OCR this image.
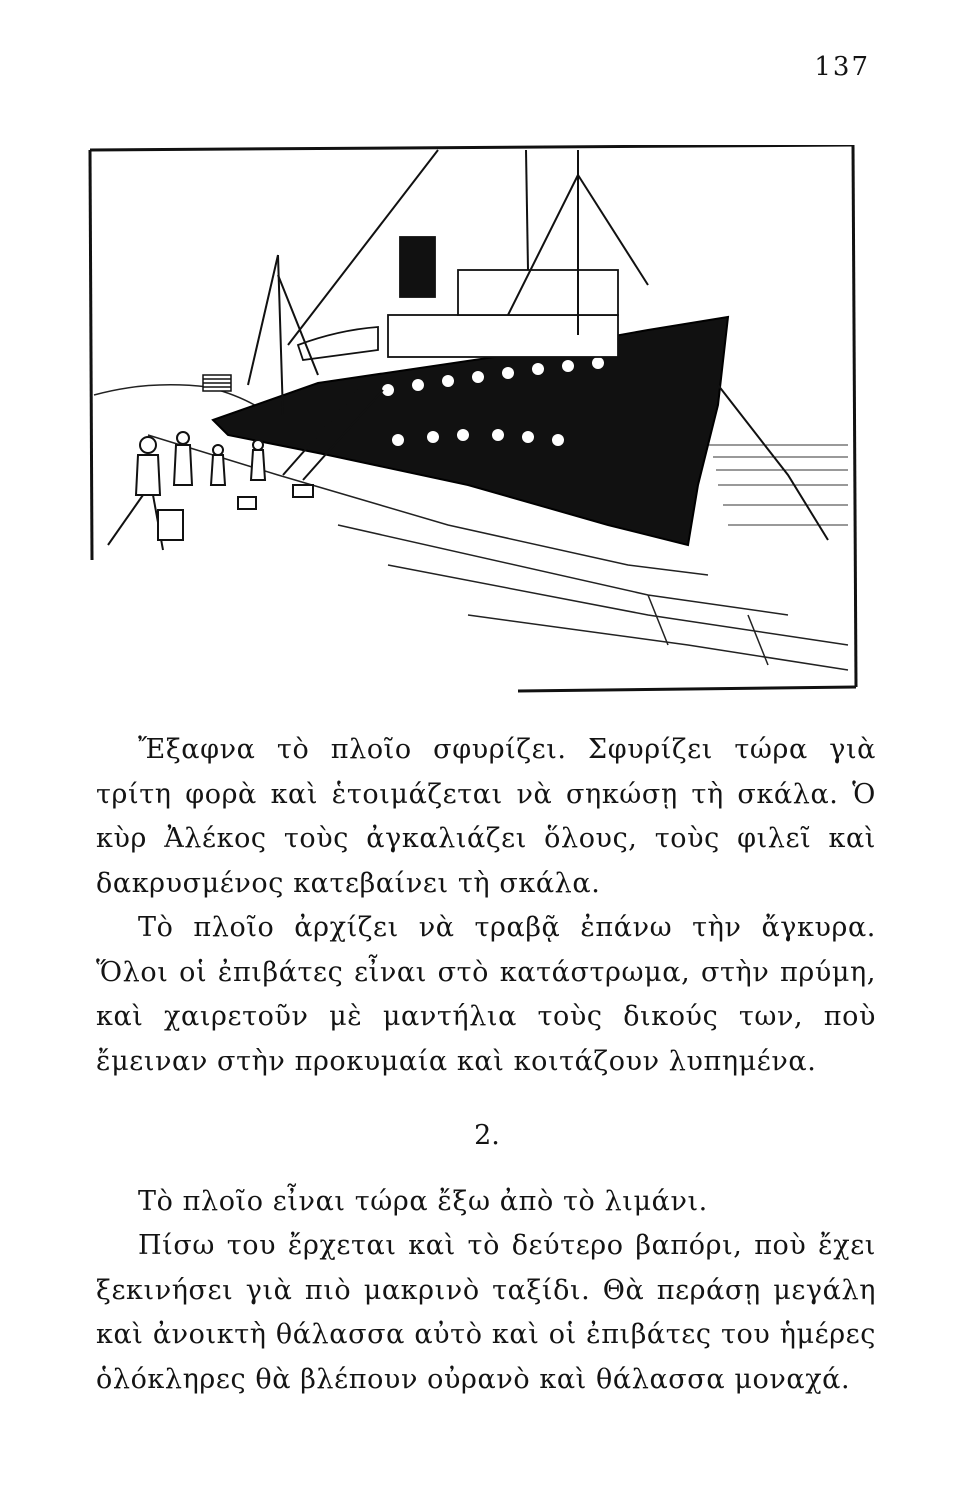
137

Ἔξαφνα τὸ πλοῖο σφυρίζει. Σφυρίζει τώρα γιὰ τρίτη φορὰ καὶ ἑτοιμάζεται νὰ σηκώσῃ τὴ σκάλα. Ὁ κὺρ Ἀλέκος τοὺς ἀγκαλιάζει ὅλους, τοὺς φιλεῖ καὶ δακρυσμένος κατεβαίνει τὴ σκάλα.

Τὸ πλοῖο ἀρχίζει νὰ τραβᾷ ἐπάνω τὴν ἄγκυρα. Ὅλοι οἱ ἐπιβάτες εἶναι στὸ κατάστρωμα, στὴν πρύμη, καὶ χαιρετοῦν μὲ μαντήλια τοὺς δικούς των, ποὺ ἔμειναν στὴν προκυμαία καὶ κοιτάζουν λυπημένα.

2.

Τὸ πλοῖο εἶναι τώρα ἔξω ἀπὸ τὸ λιμάνι.

Πίσω του ἔρχεται καὶ τὸ δεύτερο βαπόρι, ποὺ ἔχει ξεκινήσει γιὰ πιὸ μακρινὸ ταξίδι. Θὰ περάσῃ μεγάλη καὶ ἀνοικτὴ θάλασσα αὐτὸ καὶ οἱ ἐπιβάτες του ἡμέρες ὁλόκληρες θὰ βλέπουν οὐρανὸ καὶ θάλασσα μοναχά.
